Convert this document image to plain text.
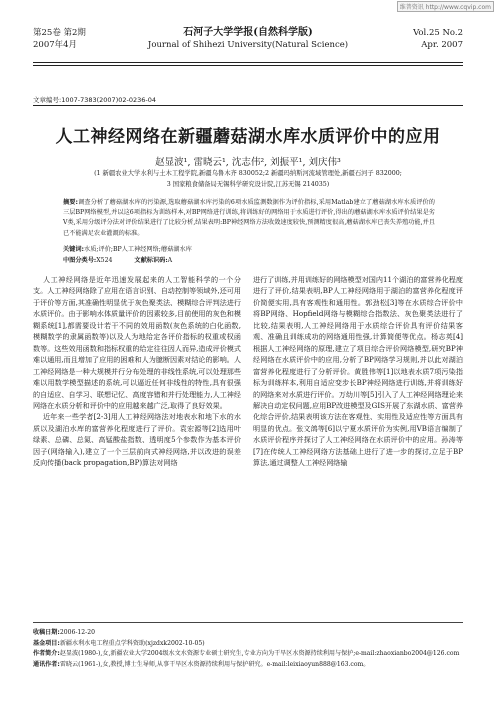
维普资讯 http://www.cqvip.com
第25卷 第2期
2007年4月
石河子大学学报(自然科学版)
Journal of Shihezi University(Natural Science)
Vol.25 No.2
Apr. 2007
文章编号:1007-7383(2007)02-0236-04
人工神经网络在新疆蘑菇湖水库水质评价中的应用
赵显波¹, 雷晓云¹, 沈志伟², 刘振平¹, 刘庆伟³
(1 新疆农业大学水利与土木工程学院,新疆乌鲁木齐 830052;2 新疆玛纳斯河流域管理处,新疆石河子 832000;
3 国家粮食储备局无锡科学研究设计院,江苏无锡 214035)
摘要:调查分析了蘑菇湖水库的污染源,选取蘑菇湖水库污染的6项水质监测数据作为评价指标,采用Matlab建立了蘑菇湖水库水质评价的三层BP网络模型,并以这6项指标为训练样本,对BP网络进行训练,将训练好的网络用于水质进行评价,得出的蘑菇湖水库水质评价结果是劣V类,采用分级评分法对评价结果进行了比较分析,结果表明:BP神经网络方法收敛速度较快,预测精度很高,蘑菇湖水库已丧失养殖功能,并且已不能满足农业灌溉的标准。
关键词:水质;评价;BP人工神经网络;蘑菇湖水库
中图分类号:X524	文献标识码:A

人工神经网络是近年迅速发展起来的人工智能科学的一个分支。人工神经网络除了应用在语言识别、自动控制等领域外,还可用于评价等方面,其准确性明显优于灰色聚类法、模糊综合评判法进行水质评价。由于影响水体质量评价的因素较多,目前使用的灰色和模糊系统[1],都需要设计若干不同的效用函数(灰色系统的白化函数,模糊数学的隶属函数等)以及人为地给定各评价指标的权重或权函数等。这些效用函数和指标权重的给定往往因人而异,造成评价模式难以通用,而且增加了应用的困难和人为臆断因素对结论的影响。人工神经网络是一种大规模并行分布处理的非线性系统,可以处理那些难以用数学模型描述的系统,可以逼近任何非线性的特性,具有很强的自适应、自学习、联想记忆、高度容错和并行处理能力,人工神经网络在水质分析和评价中的应用越来越广泛,取得了良好效果。

近年来一些学者[2-3]用人工神经网络法对地表水和地下水的水质以及湖泊水库的富营养化程度进行了评价。袁宏源等[2]选用叶绿素、总磷、总氮、高锰酸盐指数、透明度5个参数作为基本评价因子(网络输入),建立了一个三层前向式神经网络,并以改进的误差反向传播(back propagation,BP)算法对网络

进行了训练,并用训练好的网络模型对国内11个湖泊的富营养化程度进行了评价,结果表明,BP人工神经网络用于湖泊的富营养化程度评价简便实用,具有客观性和通用性。郭劲松[3]等在水质综合评价中将BP网络、Hopfield网络与模糊综合指数法、灰色聚类法进行了比较,结果表明,人工神经网络用于水质综合评价具有评价结果客观、准确且训练成功的网络通用性强,计算简便等优点。杨志英[4]根据人工神经网络的原理,建立了项目综合评价网络模型,研究BP神经网络在水质评价中的应用,分析了BP网络学习规则,并以此对湖泊富营养化程度进行了分析评价。黄胜伟等[1]以地表水质7项污染指标为训练样本,利用自适应变步长BP神经网络进行训练,并将训练好的网络来对水质进行评价。万幼川等[5]引入了人工神经网络理论来解决自动定权问题,应用BP改进模型及GIS开展了东湖水质、富营养化综合评价,结果表明该方法在客观性、实用性及适应性等方面具有明显的优点。张文鸽等[6]以宁夏水质评价为实例,用VB语言编制了水质评价程序并探讨了人工神经网络在水质评价中的应用。孙涛等[7]在传统人工神经网络方法基础上进行了进一步的探讨,立足于BP算法,通过调整人工神经网络输

收稿日期:2006-12-20
基金项目:新疆水利水电工程重点学科资助(xjzdxk2002-10-05)
作者简介:赵显波(1980-),女,新疆农业大学2004级水文水资源专业硕士研究生,专业方向为干旱区水资源持续利用与保护;e-mail:zhaoxianbo2004@126.com
通讯作者:雷晓云(1961-),女,教授,博士生导师,从事干旱区水资源持续利用与保护研究。e-mail:leixiaoyun888@163.com。
